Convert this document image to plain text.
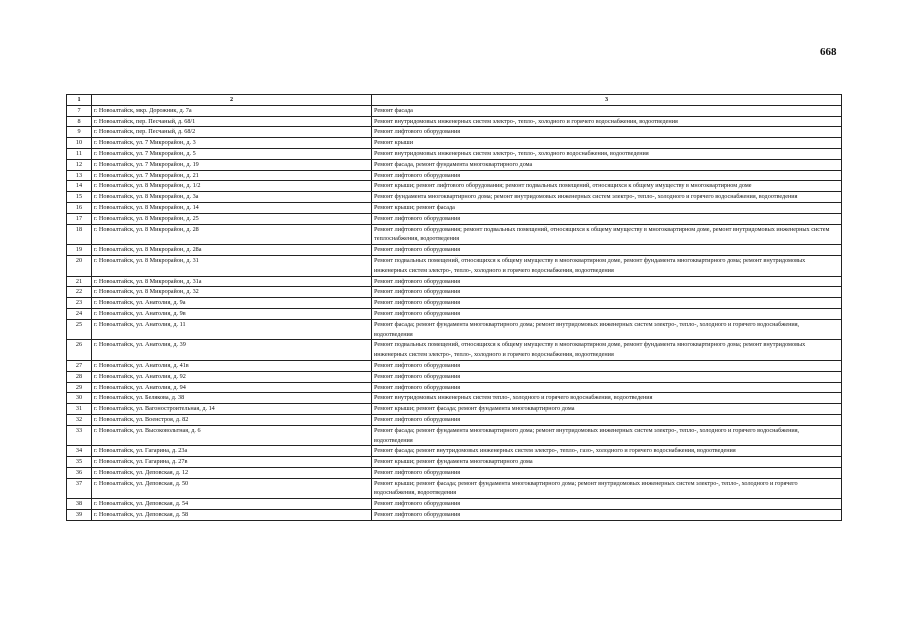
668
1	2	3
7	г. Новоалтайск, мкр. Дорожник, д. 7а	Ремонт фасада
8	г. Новоалтайск, пер. Песчаный, д. 68/1	Ремонт внутридомовых инженерных систем электро-, тепло-, холодного и горячего водоснабжения, водоотведения
9	г. Новоалтайск, пер. Песчаный, д. 68/2	Ремонт лифтового оборудования
10	г. Новоалтайск, ул. 7 Микрорайон, д. 3	Ремонт крыши
11	г. Новоалтайск, ул. 7 Микрорайон, д. 5	Ремонт внутридомовых инженерных систем электро-, тепло-, холодного водоснабжения, водоотведения
12	г. Новоалтайск, ул. 7 Микрорайон, д. 19	Ремонт фасада, ремонт фундамента многоквартирного дома
13	г. Новоалтайск, ул. 7 Микрорайон, д. 21	Ремонт лифтового оборудования
14	г. Новоалтайск, ул. 8 Микрорайон, д. 1/2	Ремонт крыши; ремонт лифтового оборудования; ремонт подвальных помещений, относящихся к общему имуществу в многоквартирном доме
15	г. Новоалтайск, ул. 8 Микрорайон, д. 3а	Ремонт фундамента многоквартирного дома; ремонт внутридомовых инженерных систем электро-, тепло-, холодного и горячего водоснабжения, водоотведения
16	г. Новоалтайск, ул. 8 Микрорайон, д. 14	Ремонт крыши; ремонт фасада
17	г. Новоалтайск, ул. 8 Микрорайон, д. 25	Ремонт лифтового оборудования
18	г. Новоалтайск, ул. 8 Микрорайон, д. 28	Ремонт лифтового оборудования; ремонт подвальных помещений, относящихся к общему имуществу в многоквартирном доме, ремонт внутридомовых инженерных систем теплоснабжения, водоотведения
19	г. Новоалтайск, ул. 8 Микрорайон, д. 28а	Ремонт лифтового оборудования
20	г. Новоалтайск, ул. 8 Микрорайон, д. 31	Ремонт подвальных помещений, относящихся к общему имуществу в многоквартирном доме, ремонт фундамента многоквартирного дома; ремонт внутридомовых инженерных систем электро-, тепло-, холодного и горячего водоснабжения, водоотведения
21	г. Новоалтайск, ул. 8 Микрорайон, д. 31а	Ремонт лифтового оборудования
22	г. Новоалтайск, ул. 8 Микрорайон, д. 32	Ремонт лифтового оборудования
23	г. Новоалтайск, ул. Анатолия, д. 9а	Ремонт лифтового оборудования
24	г. Новоалтайск, ул. Анатолия, д. 9в	Ремонт лифтового оборудования
25	г. Новоалтайск, ул. Анатолия, д. 11	Ремонт фасада; ремонт фундамента многоквартирного дома; ремонт внутридомовых инженерных систем электро-, тепло-, холодного и горячего водоснабжения, водоотведения
26	г. Новоалтайск, ул. Анатолия, д. 39	Ремонт подвальных помещений, относящихся к общему имуществу в многоквартирном доме, ремонт фундамента многоквартирного дома; ремонт внутридомовых инженерных систем электро-, тепло-, холодного и горячего водоснабжения, водоотведения
27	г. Новоалтайск, ул. Анатолия, д. 41в	Ремонт лифтового оборудования
28	г. Новоалтайск, ул. Анатолия, д. 92	Ремонт лифтового оборудования
29	г. Новоалтайск, ул. Анатолия, д. 94	Ремонт лифтового оборудования
30	г. Новоалтайск, ул. Белякова, д. 38	Ремонт внутридомовых инженерных систем тепло-, холодного и горячего водоснабжения, водоотведения
31	г. Новоалтайск, ул. Вагоностроительная, д. 14	Ремонт крыши; ремонт фасада; ремонт фундамента многоквартирного дома
32	г. Новоалтайск, ул. Военстроя, д. 82	Ремонт лифтового оборудования
33	г. Новоалтайск, ул. Высоковольтная, д. 6	Ремонт фасада; ремонт фундамента многоквартирного дома; ремонт внутридомовых инженерных систем электро-, тепло-, холодного и горячего водоснабжения, водоотведения
34	г. Новоалтайск, ул. Гагарина, д. 23а	Ремонт фасада; ремонт внутридомовых инженерных систем электро-, тепло-, газо-, холодного и горячего водоснабжения, водоотведения
35	г. Новоалтайск, ул. Гагарина, д. 27в	Ремонт крыши; ремонт фундамента многоквартирного дома
36	г. Новоалтайск, ул. Деповская, д. 12	Ремонт лифтового оборудования
37	г. Новоалтайск, ул. Деповская, д. 50	Ремонт крыши; ремонт фасада; ремонт фундамента многоквартирного дома; ремонт внутридомовых инженерных систем электро-, тепло-, холодного и горячего водоснабжения, водоотведения
38	г. Новоалтайск, ул. Деповская, д. 54	Ремонт лифтового оборудования
39	г. Новоалтайск, ул. Деповская, д. 58	Ремонт лифтового оборудования
